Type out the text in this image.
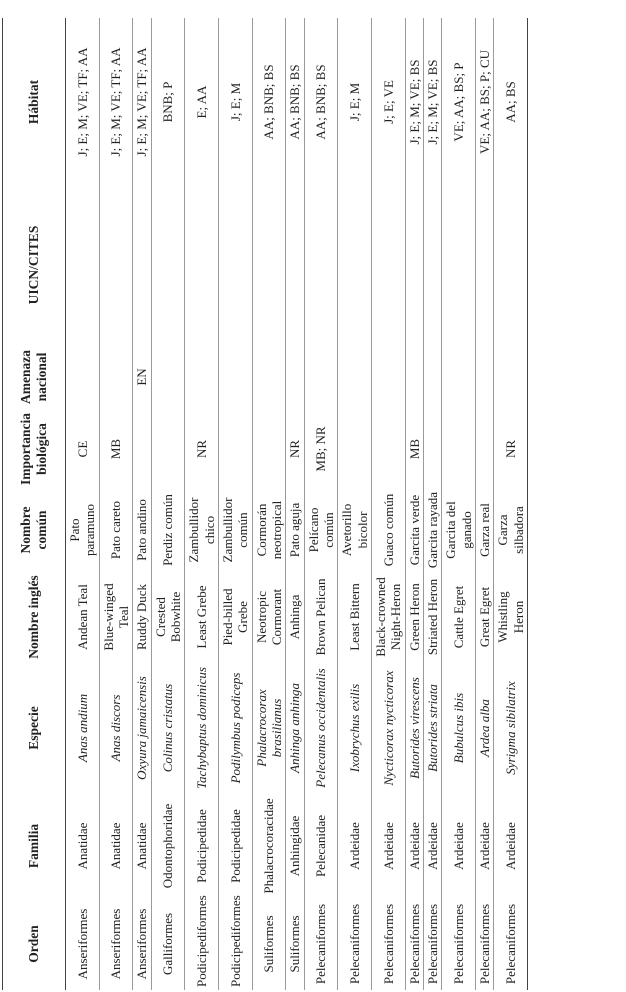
Orden	Familia	Especie	Nombre inglés	Nombre común	Importancia biológica	Amenaza nacional	UICN/CITES	Hábitat
Anseriformes	Anatidae	Anas andium	Andean Teal	Pato paramuno	CE			J; E; M; VE; TF; AA
Anseriformes	Anatidae	Anas discors	Blue-winged Teal	Pato careto	MB			J; E; M; VE; TF; AA
Anseriformes	Anatidae	Oxyura jamaicensis	Ruddy Duck	Pato andino		EN		J; E; M; VE; TF; AA
Galliformes	Odontophoridae	Colinus cristatus	Crested Bobwhite	Perdiz común				BNB; P
Podicipediformes	Podicipedidae	Tachybaptus dominicus	Least Grebe	Zambullidor chico	NR			E; AA
Podicipediformes	Podicipedidae	Podilymbus podiceps	Pied-billed Grebe	Zambullidor común				J; E; M
Suliformes	Phalacrocoracidae	Phalacrocorax brasilianus	Neotropic Cormorant	Cormorán neotropical				AA; BNB; BS
Suliformes	Anhingidae	Anhinga anhinga	Anhinga	Pato aguja	NR			AA; BNB; BS
Pelecaniformes	Pelecanidae	Pelecanus occidentalis	Brown Pelican	Pelícano común	MB; NR			AA; BNB; BS
Pelecaniformes	Ardeidae	Ixobrychus exilis	Least Bittern	Avetorillo bicolor				J; E; M
Pelecaniformes	Ardeidae	Nycticorax nycticorax	Black-crowned Night-Heron	Guaco común				J; E; VE
Pelecaniformes	Ardeidae	Butorides virescens	Green Heron	Garcita verde	MB			J; E; M; VE; BS
Pelecaniformes	Ardeidae	Butorides striata	Striated Heron	Garcita rayada				J; E; M; VE; BS
Pelecaniformes	Ardeidae	Bubulcus ibis	Cattle Egret	Garcita del ganado				VE; AA; BS; P
Pelecaniformes	Ardeidae	Ardea alba	Great Egret	Garza real				VE; AA; BS; P; CU
Pelecaniformes	Ardeidae	Syrigma sibilatrix	Whistling Heron	Garza silbadora	NR			AA; BS
